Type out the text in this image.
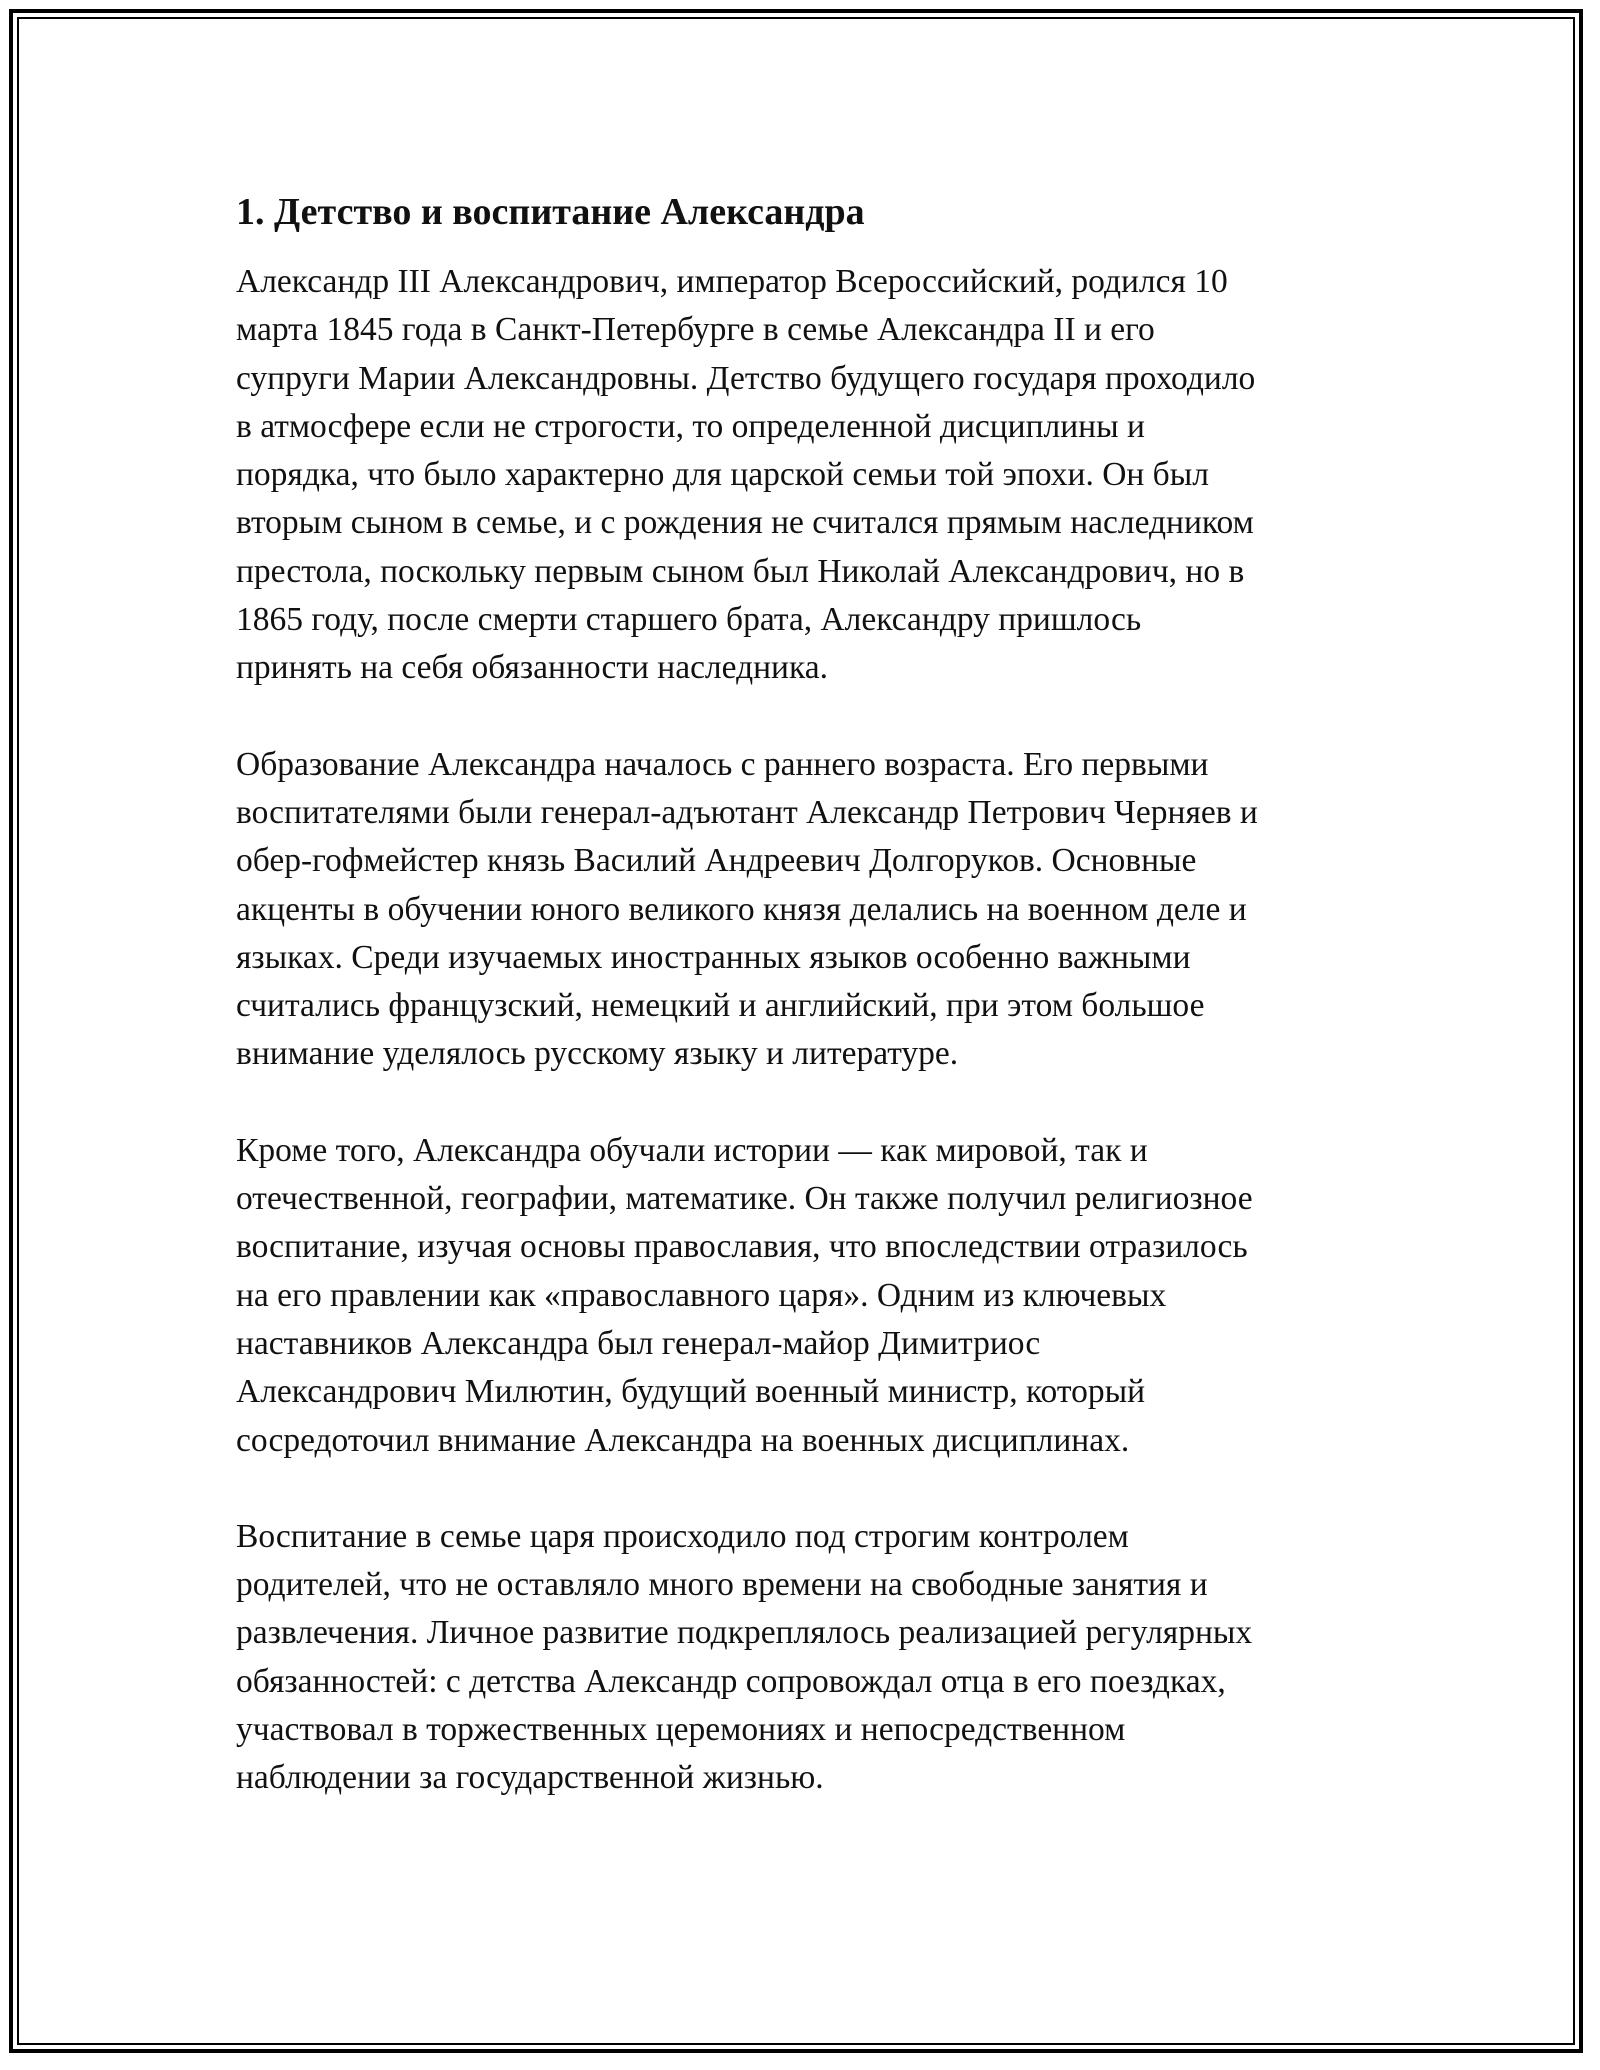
1. Детство и воспитание Александра

Александр III Александрович, император Всероссийский, родился 10
марта 1845 года в Санкт-Петербурге в семье Александра II и его
супруги Марии Александровны. Детство будущего государя проходило
в атмосфере если не строгости, то определенной дисциплины и
порядка, что было характерно для царской семьи той эпохи. Он был
вторым сыном в семье, и с рождения не считался прямым наследником
престола, поскольку первым сыном был Николай Александрович, но в
1865 году, после смерти старшего брата, Александру пришлось
принять на себя обязанности наследника.

Образование Александра началось с раннего возраста. Его первыми
воспитателями были генерал-адъютант Александр Петрович Черняев и
обер-гофмейстер князь Василий Андреевич Долгоруков. Основные
акценты в обучении юного великого князя делались на военном деле и
языках. Среди изучаемых иностранных языков особенно важными
считались французский, немецкий и английский, при этом большое
внимание уделялось русскому языку и литературе.

Кроме того, Александра обучали истории — как мировой, так и
отечественной, географии, математике. Он также получил религиозное
воспитание, изучая основы православия, что впоследствии отразилось
на его правлении как «православного царя». Одним из ключевых
наставников Александра был генерал-майор Димитриос
Александрович Милютин, будущий военный министр, который
сосредоточил внимание Александра на военных дисциплинах.

Воспитание в семье царя происходило под строгим контролем
родителей, что не оставляло много времени на свободные занятия и
развлечения. Личное развитие подкреплялось реализацией регулярных
обязанностей: с детства Александр сопровождал отца в его поездках,
участвовал в торжественных церемониях и непосредственном
наблюдении за государственной жизнью.
